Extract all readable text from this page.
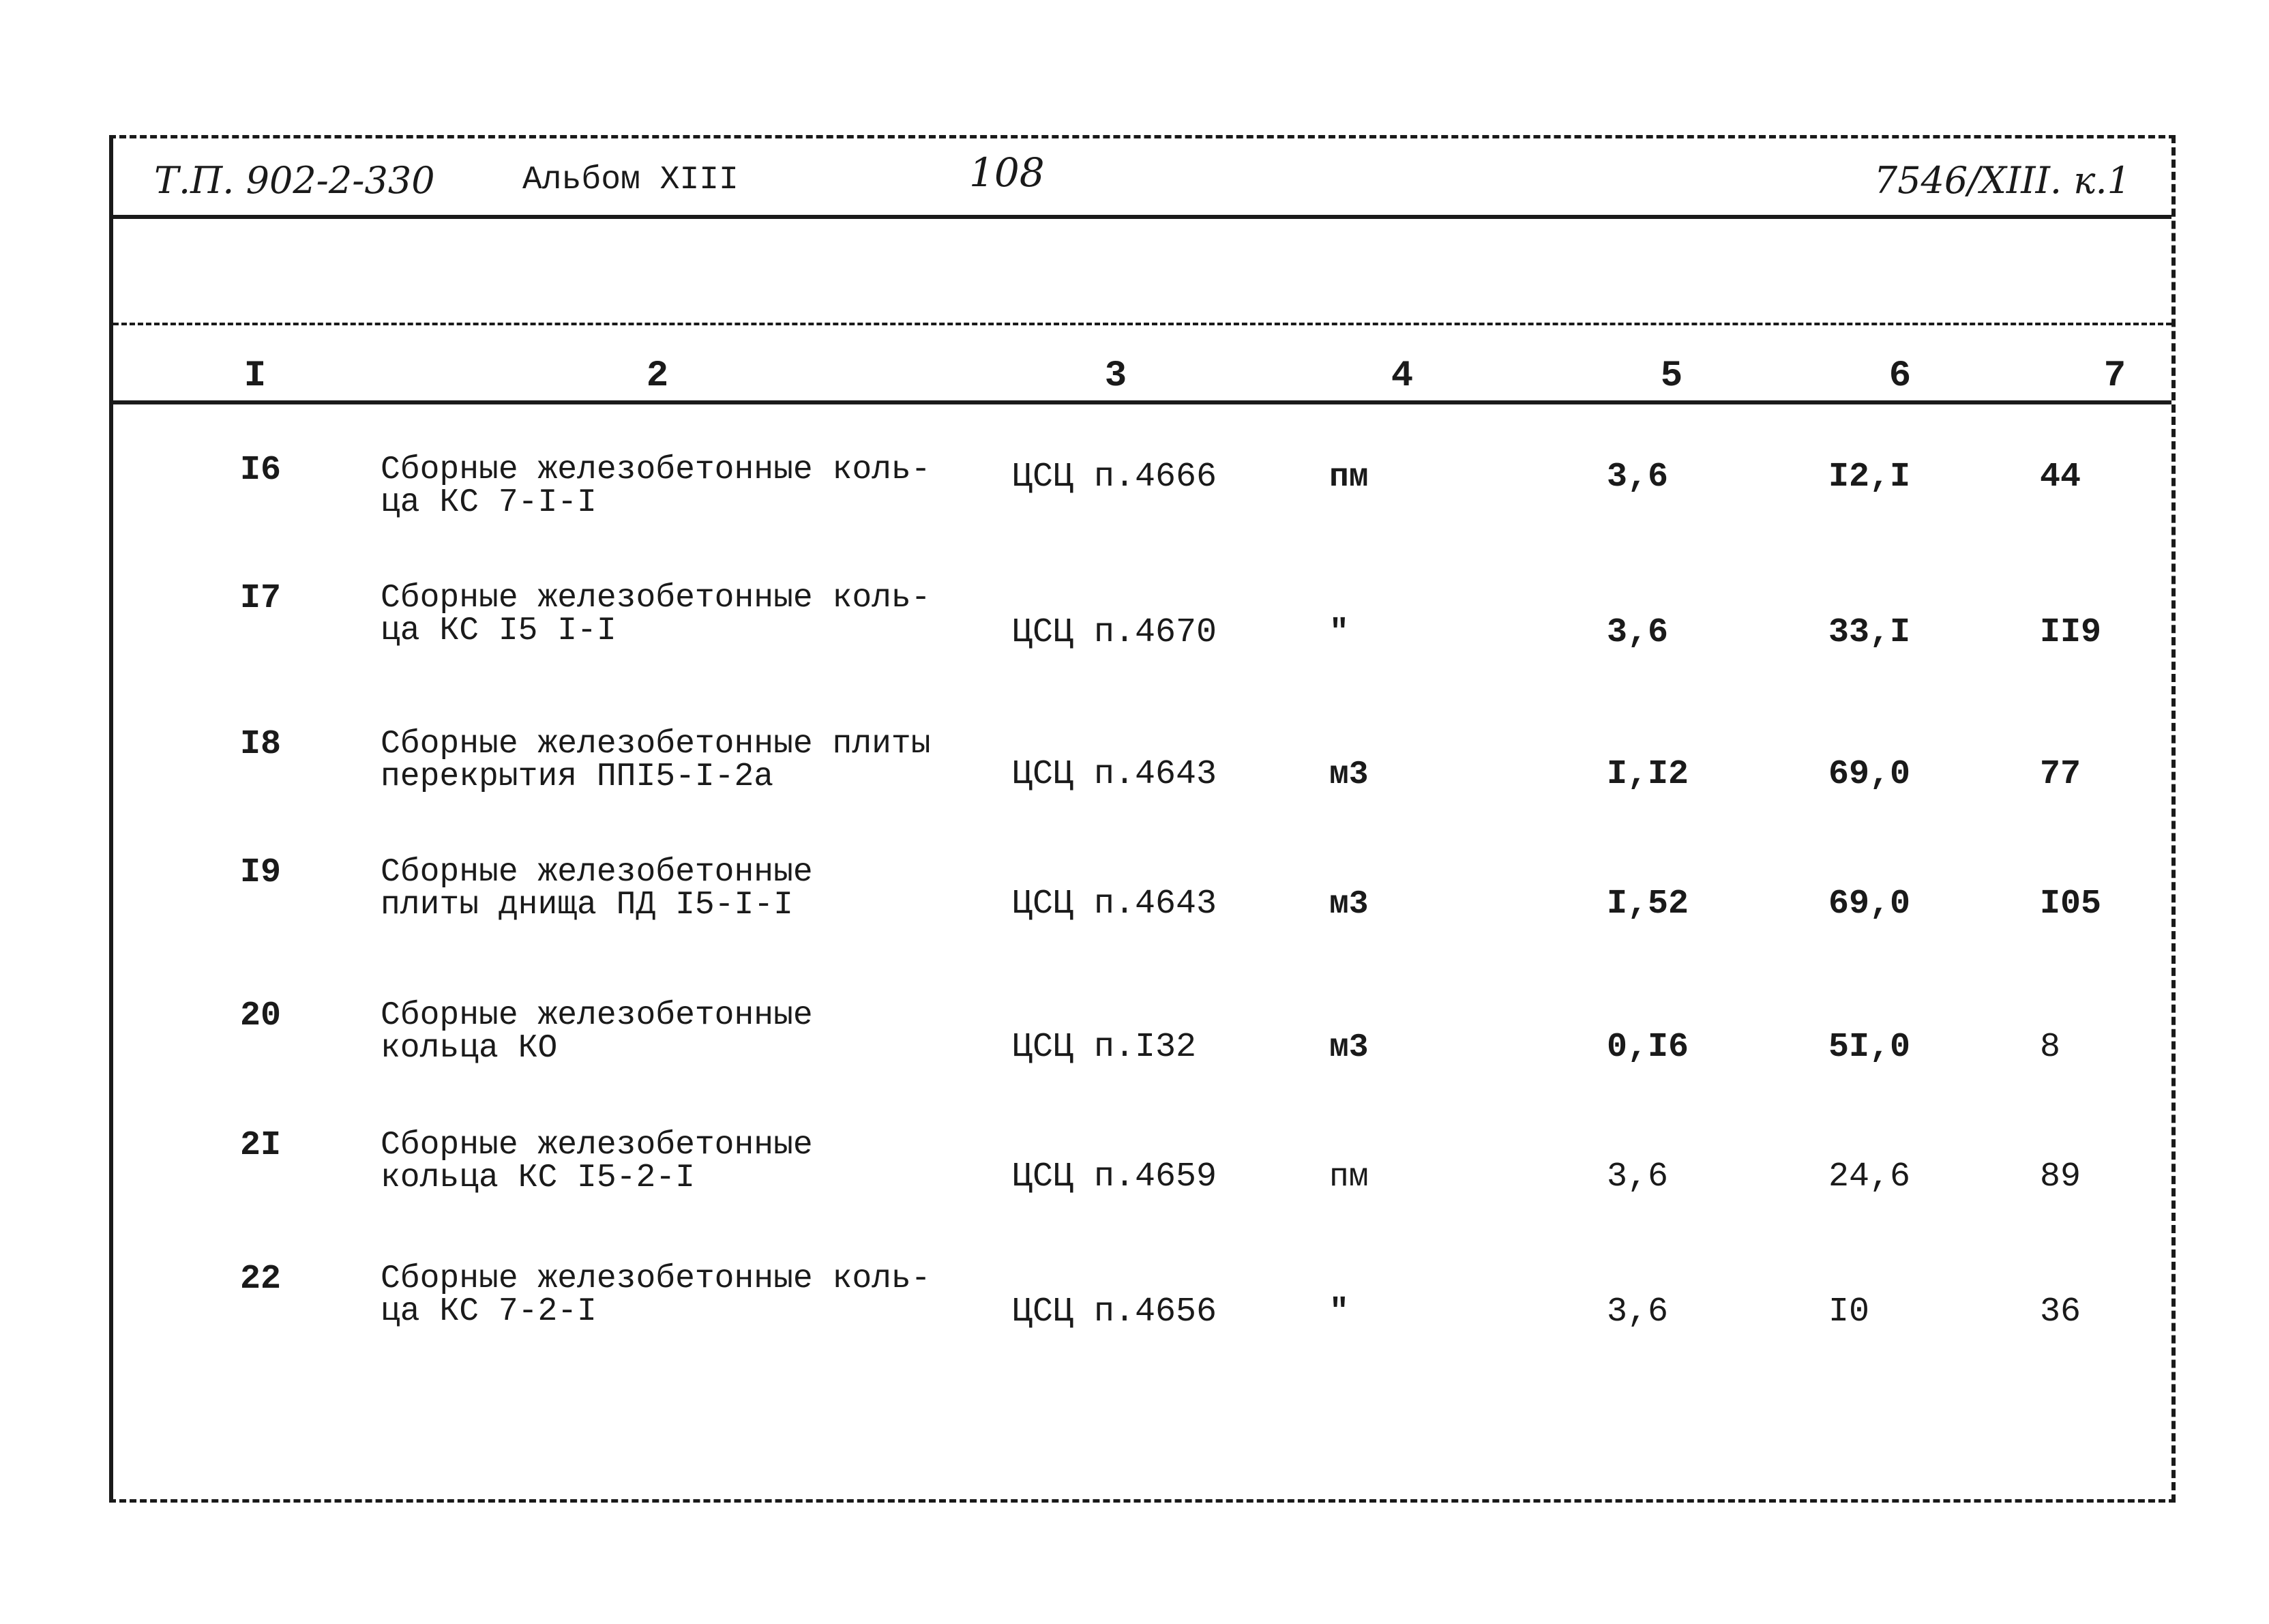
Т.П. 902-2-330	Альбом XIII	108	7546/XIII. к.1
I	2	3	4	5	6	7
I6	Сборные железобетонные коль-
ца КС 7-I-I
ЦСЦ п.4666	пм	3,6	I2,I	44
I7	Сборные железобетонные коль-
ца КС I5 I-I	ЦСЦ п.4670	"	3,6	33,I	II9
I8	Сборные железобетонные плиты
перекрытия ППI5-I-2а	ЦСЦ п.4643	м3	I,I2	69,0	77
I9	Сборные железобетонные
плиты днища ПД I5-I-I	ЦСЦ п.4643	м3	I,52	69,0	I05
20	Сборные железобетонные
кольца КО	ЦСЦ п.I32	м3	0,I6	5I,0	8
2I	Сборные железобетонные
кольца КС I5-2-I	ЦСЦ п.4659	пм	3,6	24,6	89
22	Сборные железобетонные коль-
ца КС 7-2-I	ЦСЦ п.4656	"	3,6	I0	36
